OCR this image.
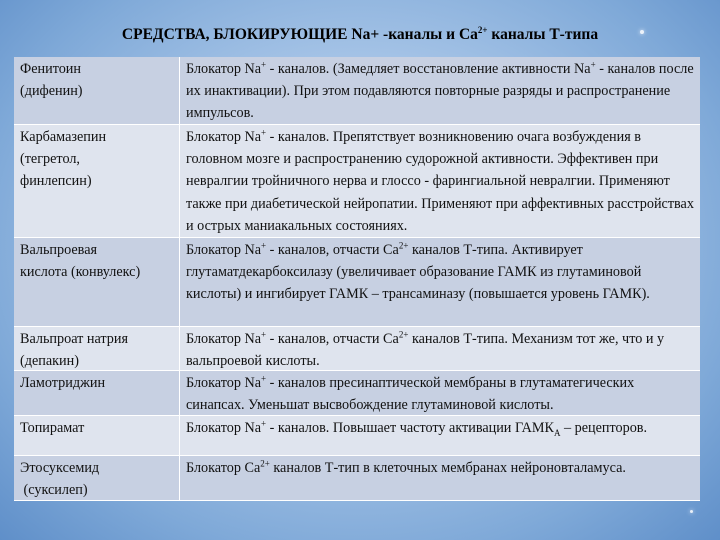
СРЕДСТВА, БЛОКИРУЮЩИЕ Na+ -каналы и $Са^{2+}$ каналы Т-типа
Фенитоин
(дифенин)
Блокатор Na+ - каналов. (Замедляет восстановление активности Na+ - каналов после их инактивации). При этом подавляются повторные разряды и распространение импульсов.
Карбамазепин
(тегретол,
финлепсин)
Блокатор Na+ - каналов. Препятствует возникновению очага возбуждения в головном мозге и распространению судорожной активности. Эффективен при невралгии тройничного нерва и глоссо - фарингиальной невралгии. Применяют также при диабетической нейропатии. Применяют при аффективных расстройствах и острых маниакальных состояниях.
Вальпроевая
кислота (конвулекс)
Блокатор Na+ - каналов, отчасти $Ca^{2+}$ каналов Т-типа. Активирует глутаматдекарбоксилазу (увеличивает образование ГАМК из глутаминовой кислоты) и ингибирует ГАМК – трансаминазу (повышается уровень ГАМК).
Вальпроат натрия
(депакин)
Блокатор Na+ - каналов, отчасти $Ca^{2+}$ каналов Т-типа. Механизм тот же, что и у вальпроевой кислоты.
Ламотриджин	Блокатор Na+ - каналов пресинаптической мембраны в глутаматегических синапсах. Уменьшат высвобождение глутаминовой кислоты.
Топирамат	Блокатор Na+ - каналов. Повышает частоту активации $ГАМК_А$ – рецепторов.
Этосуксемид
(суксилеп)
Блокатор $Ca^{2+}$ каналов Т-тип в клеточных мембранах нейроновталамуса.
